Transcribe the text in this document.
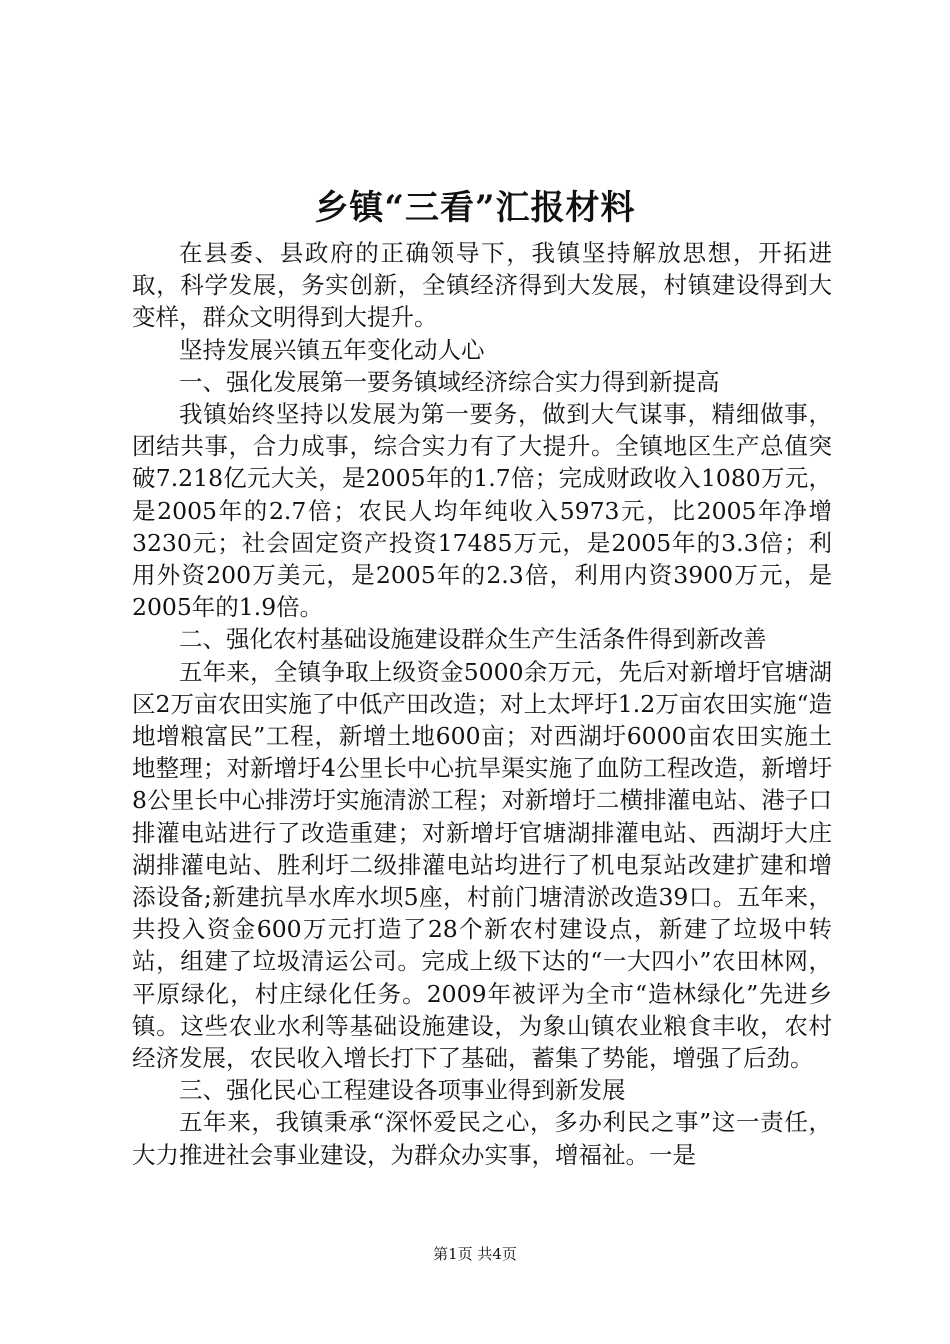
乡镇“三看”汇报材料

在县委、县政府的正确领导下，我镇坚持解放思想，开拓进取，科学发展，务实创新，全镇经济得到大发展，村镇建设得到大变样，群众文明得到大提升。

坚持发展兴镇五年变化动人心

一、强化发展第一要务镇域经济综合实力得到新提高

我镇始终坚持以发展为第一要务，做到大气谋事，精细做事，团结共事，合力成事，综合实力有了大提升。全镇地区生产总值突破7.218亿元大关，是2005年的1.7倍；完成财政收入1080万元，是2005年的2.7倍；农民人均年纯收入5973元，比2005年净增3230元；社会固定资产投资17485万元，是2005年的3.3倍；利用外资200万美元，是2005年的2.3倍，利用内资3900万元，是2005年的1.9倍。

二、强化农村基础设施建设群众生产生活条件得到新改善

五年来，全镇争取上级资金5000余万元，先后对新增圩官塘湖区2万亩农田实施了中低产田改造；对上太坪圩1.2万亩农田实施“造地增粮富民”工程，新增土地600亩；对西湖圩6000亩农田实施土地整理；对新增圩4公里长中心抗旱渠实施了血防工程改造，新增圩8公里长中心排涝圩实施清淤工程；对新增圩二横排灌电站、港子口排灌电站进行了改造重建；对新增圩官塘湖排灌电站、西湖圩大庄湖排灌电站、胜利圩二级排灌电站均进行了机电泵站改建扩建和增添设备;新建抗旱水库水坝5座，村前门塘清淤改造39口。五年来，共投入资金600万元打造了28个新农村建设点，新建了垃圾中转站，组建了垃圾清运公司。完成上级下达的“一大四小”农田林网，平原绿化，村庄绿化任务。2009年被评为全市“造林绿化”先进乡镇。这些农业水利等基础设施建设，为象山镇农业粮食丰收，农村经济发展，农民收入增长打下了基础，蓄集了势能，增强了后劲。

三、强化民心工程建设各项事业得到新发展

五年来，我镇秉承“深怀爱民之心，多办利民之事”这一责任，大力推进社会事业建设，为群众办实事，增福祉。一是

第1页 共4页
